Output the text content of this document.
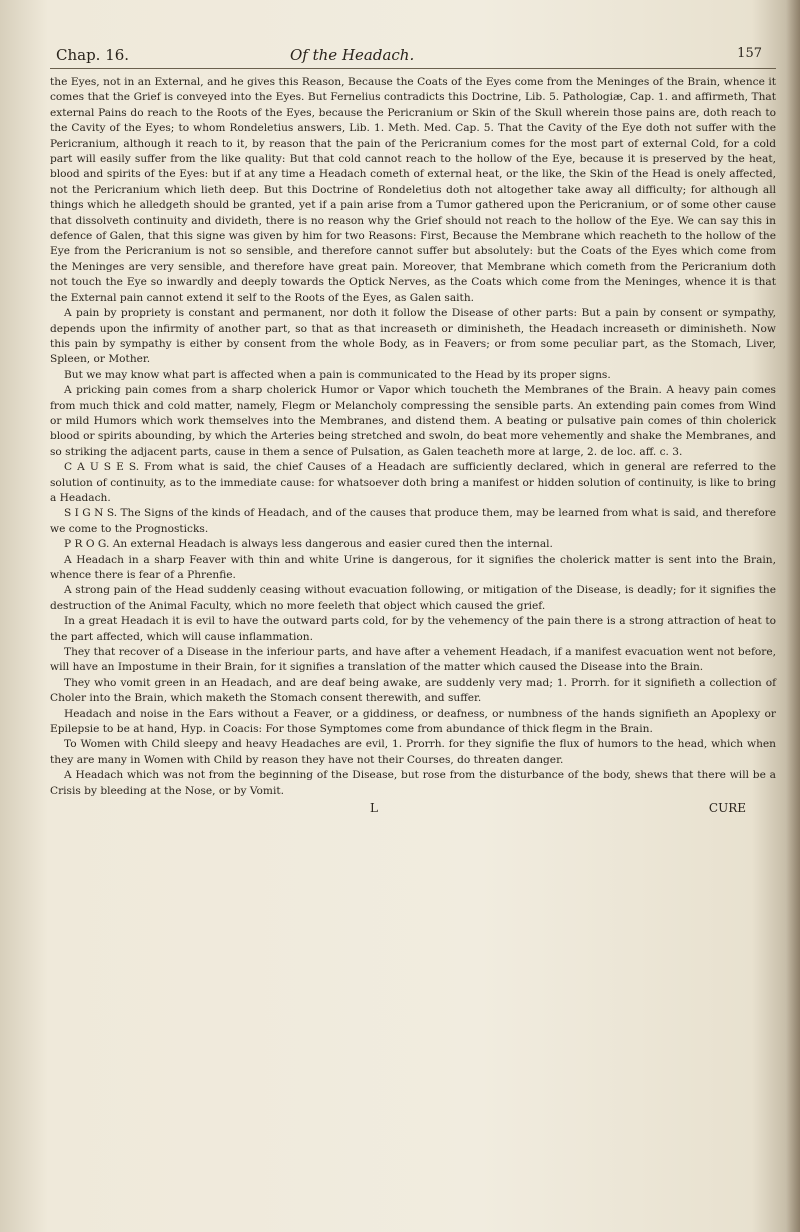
Chap. 16.	Of the Headach.	157

the Eyes, not in an External, and he gives this Reason, Because the Coats of the Eyes come from the Meninges of the Brain, whence it comes that the Grief is conveyed into the Eyes. But Fernelius contradicts this Doctrine, Lib. 5. Pathologiæ, Cap. 1. and affirmeth, That external Pains do reach to the Roots of the Eyes, because the Pericranium or Skin of the Skull wherein those pains are, doth reach to the Cavity of the Eyes; to whom Rondeletius answers, Lib. 1. Meth. Med. Cap. 5. That the Cavity of the Eye doth not suffer with the Pericranium, although it reach to it, by reason that the pain of the Pericranium comes for the most part of external Cold, for a cold part will easily suffer from the like quality: But that cold cannot reach to the hollow of the Eye, because it is preserved by the heat, blood and spirits of the Eyes: but if at any time a Headach cometh of external heat, or the like, the Skin of the Head is onely affected, not the Pericranium which lieth deep. But this Doctrine of Rondeletius doth not altogether take away all difficulty; for although all things which he alledgeth should be granted, yet if a pain arise from a Tumor gathered upon the Pericranium, or of some other cause that dissolveth continuity and divideth, there is no reason why the Grief should not reach to the hollow of the Eye. We can say this in defence of Galen, that this signe was given by him for two Reasons: First, Because the Membrane which reacheth to the hollow of the Eye from the Pericranium is not so sensible, and therefore cannot suffer but absolutely: but the Coats of the Eyes which come from the Meninges are very sensible, and therefore have great pain. Moreover, that Membrane which cometh from the Pericranium doth not touch the Eye so inwardly and deeply towards the Optick Nerves, as the Coats which come from the Meninges, whence it is that the External pain cannot extend it self to the Roots of the Eyes, as Galen saith.

A pain by propriety is constant and permanent, nor doth it follow the Disease of other parts: But a pain by consent or sympathy, depends upon the infirmity of another part, so that as that increaseth or diminisheth, the Headach increaseth or diminisheth. Now this pain by sympathy is either by consent from the whole Body, as in Feavers; or from some peculiar part, as the Stomach, Liver, Spleen, or Mother.

But we may know what part is affected when a pain is communicated to the Head by its proper signs.

A pricking pain comes from a sharp cholerick Humor or Vapor which toucheth the Membranes of the Brain. A heavy pain comes from much thick and cold matter, namely, Flegm or Melancholy compressing the sensible parts. An extending pain comes from Wind or mild Humors which work themselves into the Membranes, and distend them. A beating or pulsative pain comes of thin cholerick blood or spirits abounding, by which the Arteries being stretched and swoln, do beat more vehemently and shake the Membranes, and so striking the adjacent parts, cause in them a sence of Pulsation, as Galen teacheth more at large, 2. de loc. aff. c. 3.

C A U S E S. From what is said, the chief Causes of a Headach are sufficiently declared, which in general are referred to the solution of continuity, as to the immediate cause: for whatsoever doth bring a manifest or hidden solution of continuity, is like to bring a Headach.

S I G N S. The Signs of the kinds of Headach, and of the causes that produce them, may be learned from what is said, and therefore we come to the Prognosticks.

P R O G. An external Headach is always less dangerous and easier cured then the internal.

A Headach in a sharp Feaver with thin and white Urine is dangerous, for it signifies the cholerick matter is sent into the Brain, whence there is fear of a Phrenfie.

A strong pain of the Head suddenly ceasing without evacuation following, or mitigation of the Disease, is deadly; for it signifies the destruction of the Animal Faculty, which no more feeleth that object which caused the grief.

In a great Headach it is evil to have the outward parts cold, for by the vehemency of the pain there is a strong attraction of heat to the part affected, which will cause inflammation.

They that recover of a Disease in the inferiour parts, and have after a vehement Headach, if a manifest evacuation went not before, will have an Impostume in their Brain, for it signifies a translation of the matter which caused the Disease into the Brain.

They who vomit green in an Headach, and are deaf being awake, are suddenly very mad; 1. Prorrh. for it signifieth a collection of Choler into the Brain, which maketh the Stomach consent therewith, and suffer.

Headach and noise in the Ears without a Feaver, or a giddiness, or deafness, or numbness of the hands signifieth an Apoplexy or Epilepsie to be at hand, Hyp. in Coacis: For those Symptomes come from abundance of thick flegm in the Brain.

To Women with Child sleepy and heavy Headaches are evil, 1. Prorrh. for they signifie the flux of humors to the head, which when they are many in Women with Child by reason they have not their Courses, do threaten danger.

A Headach which was not from the beginning of the Disease, but rose from the disturbance of the body, shews that there will be a Crisis by bleeding at the Nose, or by Vomit.

L	CURE
